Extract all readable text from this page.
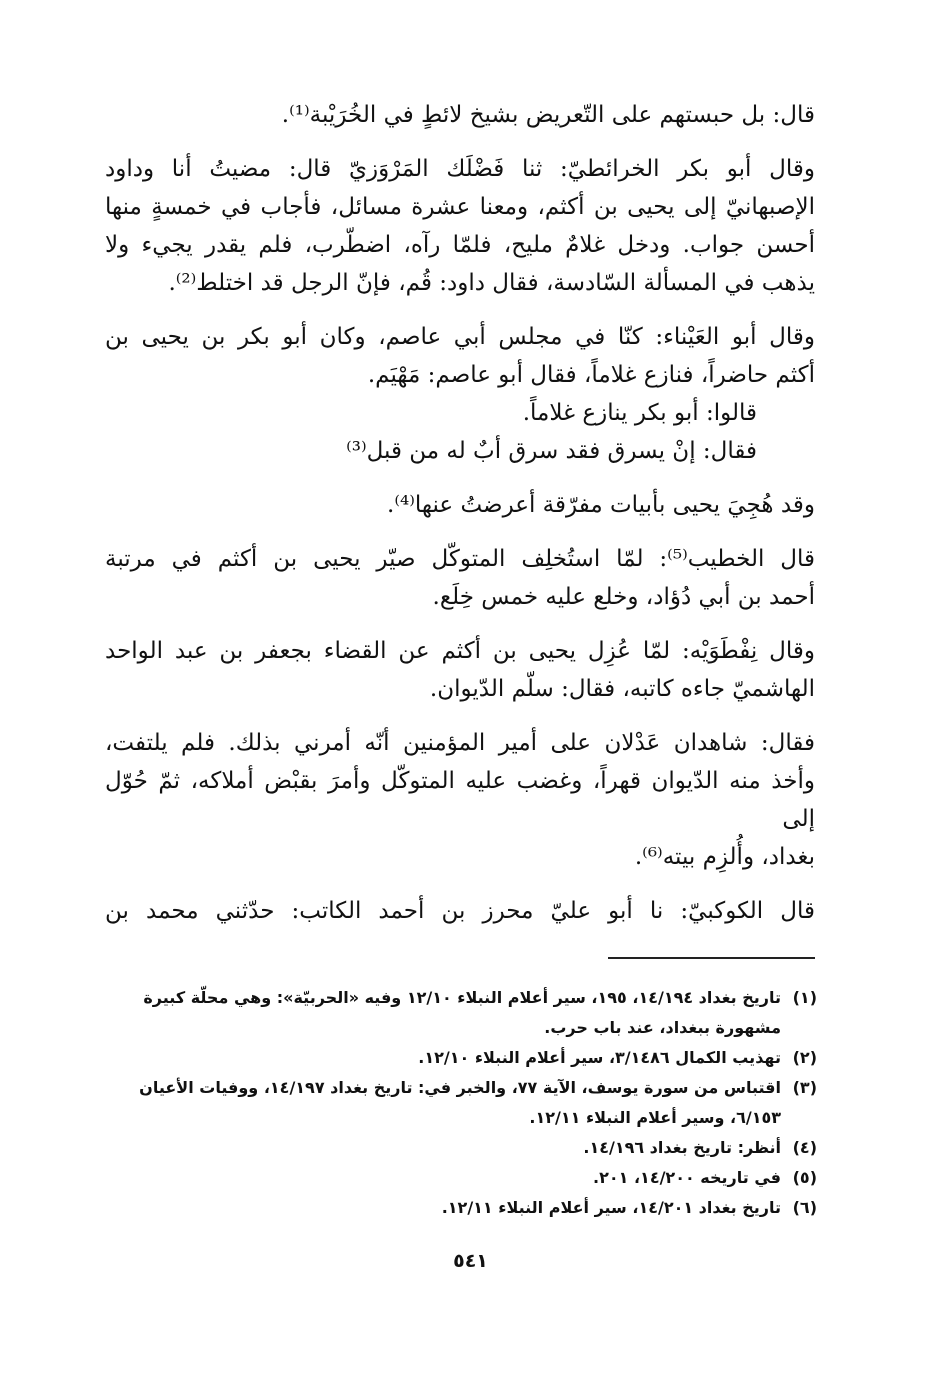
قال: بل حبستهم على التّعريض بشيخ لائطٍ في الخُرَيْبة⁽¹⁾.

وقال أبو بكر الخرائطيّ: ثنا فَضْلَك المَرْوَزيّ قال: مضيتُ أنا وداود
الإصبهانيّ إلى يحيى بن أكثم، ومعنا عشرة مسائل، فأجاب في خمسةٍ منها
أحسن جواب. ودخل غلامٌ مليح، فلمّا رآه، اضطّرب، فلم يقدر يجيء ولا
يذهب في المسألة السّادسة، فقال داود: قُم، فإنّ الرجل قد اختلط⁽²⁾.

وقال أبو العَيْناء: كنّا في مجلس أبي عاصم، وكان أبو بكر بن يحيى بن
أكثم حاضراً، فنازع غلاماً، فقال أبو عاصم: مَهْيَم.
قالوا: أبو بكر ينازع غلاماً.
فقال: إنْ يسرق فقد سرق أبٌ له من قبل⁽³⁾

وقد هُجِيَ يحيى بأبيات مفرّقة أعرضتُ عنها⁽⁴⁾.

قال الخطيب⁽⁵⁾: لمّا استُخلِف المتوكّل صيّر يحيى بن أكثم في مرتبة
أحمد بن أبي دُؤاد، وخلع عليه خمس خِلَع.

وقال نِفْطَوَيْه: لمّا عُزِل يحيى بن أكثم عن القضاء بجعفر بن عبد الواحد
الهاشميّ جاءه كاتبه، فقال: سلّم الدّيوان.

فقال: شاهدان عَدْلان على أمير المؤمنين أنّه أمرني بذلك. فلم يلتفت،
وأخذ منه الدّيوان قهراً، وغضب عليه المتوكّل وأمرَ بقبْض أملاكه، ثمّ حُوّل إلى
بغداد، وأُلزِم بيته⁽⁶⁾.

قال الكوكبيّ: نا أبو عليّ محرز بن أحمد الكاتب: حدّثني محمد بن

(١)
تاريخ بغداد ١٤/١٩٤، ١٩٥، سير أعلام النبلاء ١٢/١٠ وفيه «الحربيّة»: وهي محلّة كبيرة
مشهورة ببغداد، عند باب حرب.
(٢)
تهذيب الكمال ٣/١٤٨٦، سير أعلام النبلاء ١٢/١٠.
(٣)
اقتباس من سورة يوسف، الآية ٧٧، والخبر في: تاريخ بغداد ١٤/١٩٧، ووفيات الأعيان
٦/١٥٣، وسير أعلام النبلاء ١٢/١١.
(٤)
أنظر: تاريخ بغداد ١٤/١٩٦.
(٥)
في تاريخه ١٤/٢٠٠، ٢٠١.
(٦)
تاريخ بغداد ١٤/٢٠١، سير أعلام النبلاء ١٢/١١.
٥٤١
